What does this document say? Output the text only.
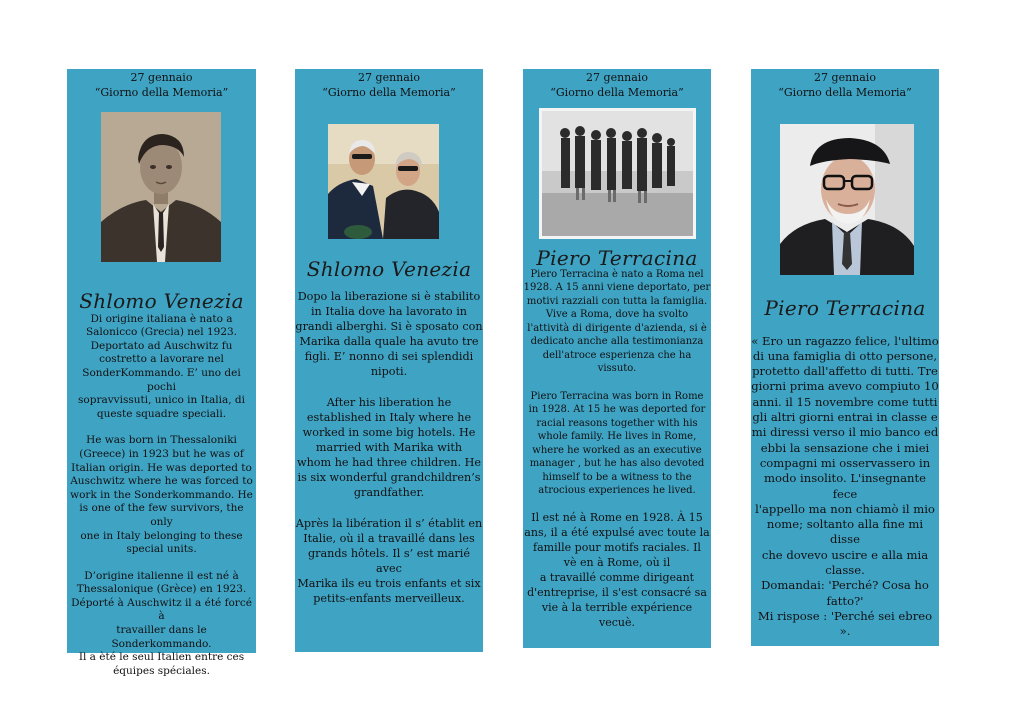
27 gennaio
“Giorno della Memoria”
Shlomo Venezia

Di origine italiana è nato a

Salonicco (Grecia) nel 1923.

Deportato ad Auschwitz fu

costretto a lavorare nel

SonderKommando. E’ uno dei pochi

sopravvissuti, unico in Italia, di

queste squadre speciali.

He was born in Thessaloniki

(Greece) in 1923 but he was of

Italian origin. He was deported to

Auschwitz where he was forced to

work in the Sonderkommando. He

is one of the few survivors, the only

one in Italy belonging to these

special units.

D’origine italienne il est né à

Thessalonique (Grèce) en 1923.

Déporté à Auschwitz il a été forcé à

travailler dans le Sonderkommando.

Il a èté le seul Italien entre ces

équipes spéciales.

27 gennaio
“Giorno della Memoria”
Shlomo Venezia

Dopo la liberazione si è stabilito

in Italia dove ha lavorato in

grandi alberghi. Si è sposato con

Marika dalla quale ha avuto tre

figli. E’ nonno di sei splendidi

nipoti.

After his liberation he

established in Italy where he

worked in some big hotels. He

married with Marika with

whom he had three children. He

is six wonderful grandchildren’s

grandfather.

Après la libération il s’ établit en

Italie, où il a travaillé dans les

grands hôtels. Il s’ est marié avec

Marika ils eu trois enfants et six

petits-enfants merveilleux.

27 gennaio
“Giorno della Memoria”
Piero Terracina

Piero Terracina è nato a Roma nel

1928. A 15 anni viene deportato, per

motivi razziali con tutta la famiglia.

Vive a Roma, dove ha svolto

l'attività di dirigente d'azienda, si è

dedicato anche alla testimonianza

dell'atroce esperienza che ha

vissuto.

Piero Terracina was born in Rome

in 1928. At 15 he was deported for

racial reasons together with his

whole family. He lives in Rome,

where he worked as an executive

manager , but he has also devoted

himself to be a witness to the

atrocious experiences he lived.

Il est né à Rome en 1928. À 15

ans, il a été expulsé avec toute la

famille pour motifs raciales. Il

vè en à Rome, où il

a travaillé comme dirigeant

d'entreprise, il s'est consacré sa

vie à la terrible expérience vecuè.

27 gennaio
“Giorno della Memoria”
Piero Terracina

« Ero un ragazzo felice, l'ultimo

di una famiglia di otto persone,

protetto dall'affetto di tutti. Tre

giorni prima avevo compiuto 10

anni. il 15 novembre come tutti

gli altri giorni entrai in classe e

mi diressi verso il mio banco ed

ebbi la sensazione che i miei

compagni mi osservassero in

modo insolito. L'insegnante fece

l'appello ma non chiamò il mio

nome; soltanto alla fine mi disse

che dovevo uscire e alla mia

classe.

Domandai: 'Perché? Cosa ho

fatto?'

Mi rispose : 'Perché sei ebreo ».
